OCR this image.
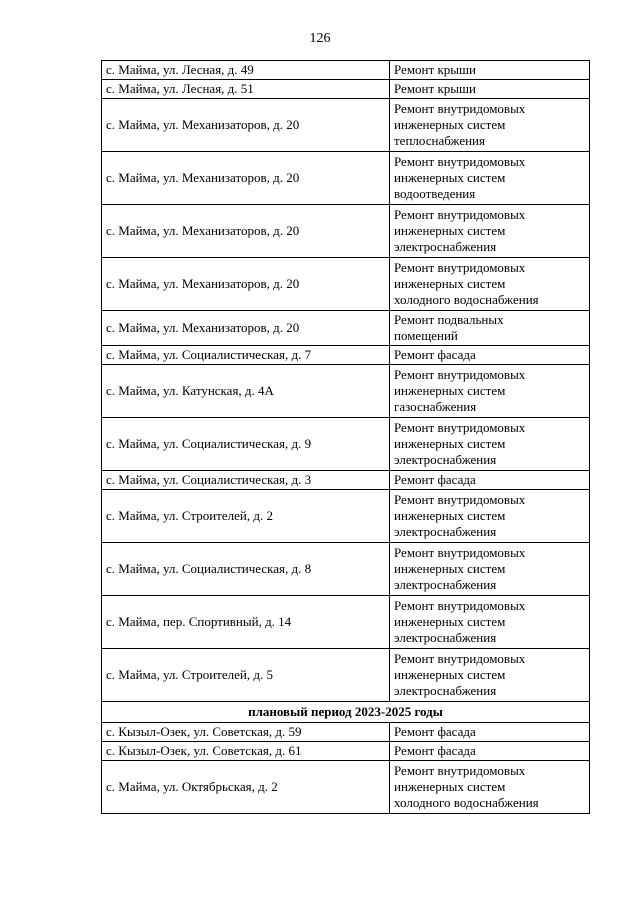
126
с. Майма, ул. Лесная, д. 49	Ремонт крыши
с. Майма, ул. Лесная, д. 51	Ремонт крыши
с. Майма, ул. Механизаторов, д. 20	Ремонт внутридомовых
инженерных систем
теплоснабжения
с. Майма, ул. Механизаторов, д. 20	Ремонт внутридомовых
инженерных систем
водоотведения
с. Майма, ул. Механизаторов, д. 20	Ремонт внутридомовых
инженерных систем
электроснабжения
с. Майма, ул. Механизаторов, д. 20	Ремонт внутридомовых
инженерных систем
холодного водоснабжения
с. Майма, ул. Механизаторов, д. 20	Ремонт подвальных
помещений
с. Майма, ул. Социалистическая, д. 7	Ремонт фасада
с. Майма, ул. Катунская, д. 4А	Ремонт внутридомовых
инженерных систем
газоснабжения
с. Майма, ул. Социалистическая, д. 9	Ремонт внутридомовых
инженерных систем
электроснабжения
с. Майма, ул. Социалистическая, д. 3	Ремонт фасада
с. Майма, ул. Строителей, д. 2	Ремонт внутридомовых
инженерных систем
электроснабжения
с. Майма, ул. Социалистическая, д. 8	Ремонт внутридомовых
инженерных систем
электроснабжения
с. Майма, пер. Спортивный, д. 14	Ремонт внутридомовых
инженерных систем
электроснабжения
с. Майма, ул. Строителей, д. 5	Ремонт внутридомовых
инженерных систем
электроснабжения
плановый период 2023-2025 годы	
с. Кызыл-Озек, ул. Советская, д. 59	Ремонт фасада
с. Кызыл-Озек, ул. Советская, д. 61	Ремонт фасада
с. Майма, ул. Октябрьская, д. 2	Ремонт внутридомовых
инженерных систем
холодного водоснабжения
